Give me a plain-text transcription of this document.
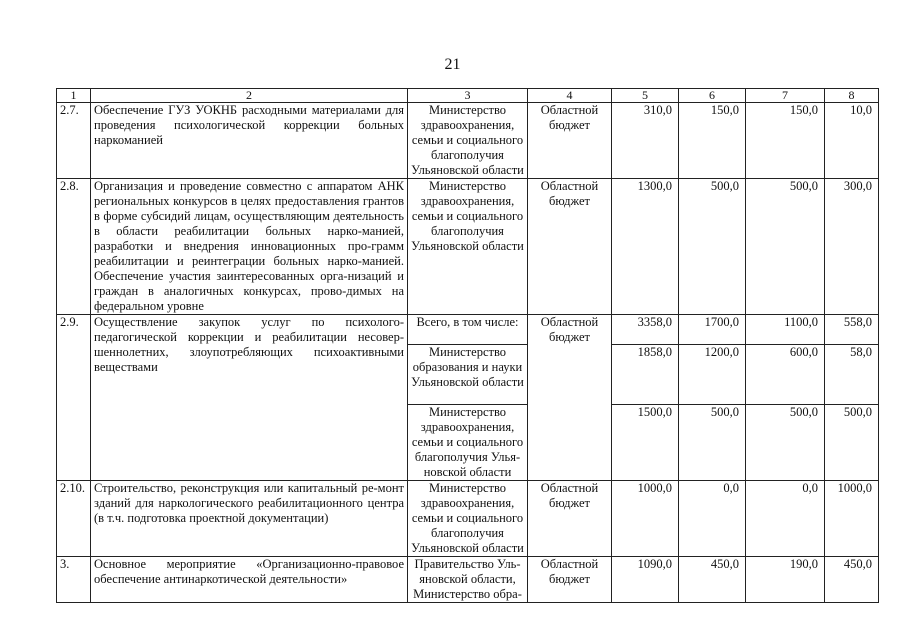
21
1	2	3	4	5	6	7	8
2.7.	Обеспечение ГУЗ УОКНБ расходными материалами для проведения психологической коррекции больных наркоманией	Министерство здравоохранения, семьи и социального благополучия Ульяновской области	Областной бюджет	310,0	150,0	150,0	10,0
2.8.	Организация и проведение совместно с аппаратом АНК региональных конкурсов в целях предоставления грантов в форме субсидий лицам, осуществляющим деятельность в области реабилитации больных нарко-манией, разработки и внедрения инновационных про-грамм реабилитации и реинтеграции больных нарко-манией. Обеспечение участия заинтересованных орга-низаций и граждан в аналогичных конкурсах, прово-димых на федеральном уровне	Министерство здравоохранения, семьи и социального благополучия Ульяновской области	Областной бюджет	1300,0	500,0	500,0	300,0
2.9.	Осуществление закупок услуг по психолого-педагогической коррекции и реабилитации несовер-шеннолетних, злоупотребляющих психоактивными веществами	Всего, в том числе:	Областной бюджет	3358,0	1700,0	1100,0	558,0
		Министерство образования и науки Ульяновской области		1858,0	1200,0	600,0	58,0
		Министерство здравоохранения, семьи и социального благополучия Улья-новской области		1500,0	500,0	500,0	500,0
2.10.	Строительство, реконструкция или капитальный ре-монт зданий для наркологического реабилитационного центра (в т.ч. подготовка проектной документации)	Министерство здравоохранения, семьи и социального благополучия Ульяновской области	Областной бюджет	1000,0	0,0	0,0	1000,0
3.	Основное мероприятие «Организационно-правовое обеспечение антинаркотической деятельности»	Правительство Уль-яновской области, Министерство обра-	Областной бюджет	1090,0	450,0	190,0	450,0
